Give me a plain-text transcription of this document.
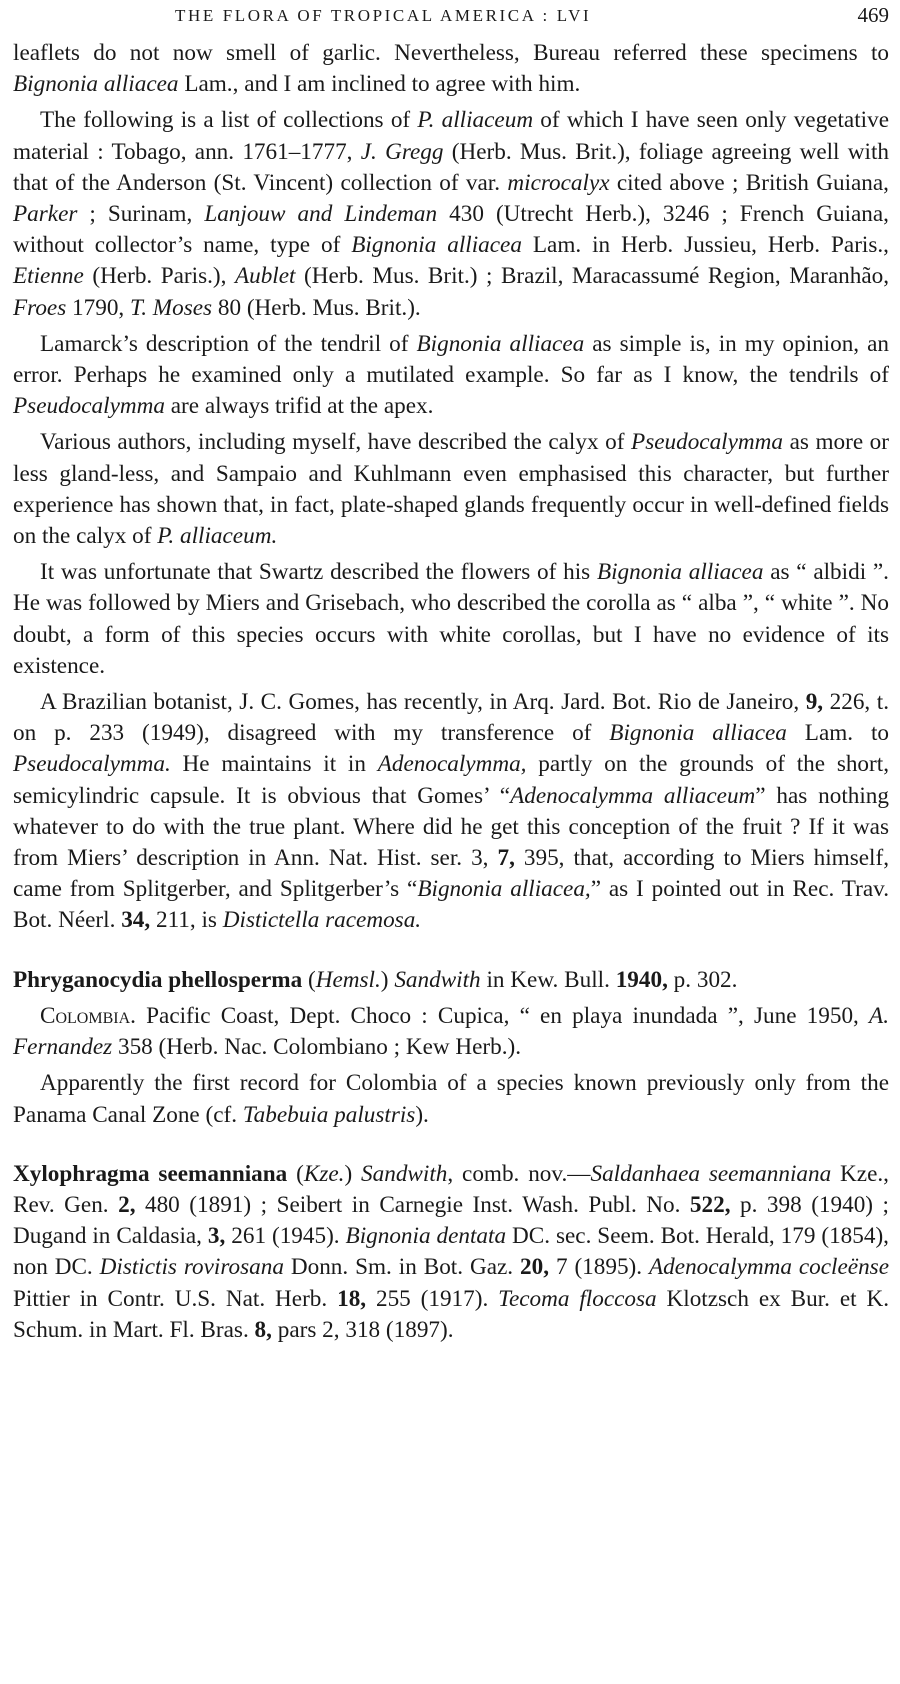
THE FLORA OF TROPICAL AMERICA : LVI	469

leaflets do not now smell of garlic. Nevertheless, Bureau referred these specimens to Bignonia alliacea Lam., and I am inclined to agree with him.

The following is a list of collections of P. alliaceum of which I have seen only vegetative material : Tobago, ann. 1761–1777, J. Gregg (Herb. Mus. Brit.), foliage agreeing well with that of the Anderson (St. Vincent) collection of var. microcalyx cited above ; British Guiana, Parker ; Surinam, Lanjouw and Lindeman 430 (Utrecht Herb.), 3246 ; French Guiana, without collector’s name, type of Bignonia alliacea Lam. in Herb. Jussieu, Herb. Paris., Etienne (Herb. Paris.), Aublet (Herb. Mus. Brit.) ; Brazil, Maracassumé Region, Maranhão, Froes 1790, T. Moses 80 (Herb. Mus. Brit.).

Lamarck’s description of the tendril of Bignonia alliacea as simple is, in my opinion, an error. Perhaps he examined only a mutilated example. So far as I know, the tendrils of Pseudocalymma are always trifid at the apex.

Various authors, including myself, have described the calyx of Pseudocalymma as more or less gland-less, and Sampaio and Kuhlmann even emphasised this character, but further experience has shown that, in fact, plate-shaped glands frequently occur in well-defined fields on the calyx of P. alliaceum.

It was unfortunate that Swartz described the flowers of his Bignonia alliacea as “ albidi ”. He was followed by Miers and Grisebach, who described the corolla as “ alba ”, “ white ”. No doubt, a form of this species occurs with white corollas, but I have no evidence of its existence.

A Brazilian botanist, J. C. Gomes, has recently, in Arq. Jard. Bot. Rio de Janeiro, 9, 226, t. on p. 233 (1949), disagreed with my transference of Bignonia alliacea Lam. to Pseudocalymma. He maintains it in Adenocalymma, partly on the grounds of the short, semicylindric capsule. It is obvious that Gomes’ “Adenocalymma alliaceum” has nothing whatever to do with the true plant. Where did he get this conception of the fruit ? If it was from Miers’ description in Ann. Nat. Hist. ser. 3, 7, 395, that, according to Miers himself, came from Splitgerber, and Splitgerber’s “Bignonia alliacea,” as I pointed out in Rec. Trav. Bot. Néerl. 34, 211, is Distictella racemosa.

Phryganocydia phellosperma (Hemsl.) Sandwith in Kew. Bull. 1940, p. 302.

Colombia. Pacific Coast, Dept. Choco : Cupica, “ en playa inundada ”, June 1950, A. Fernandez 358 (Herb. Nac. Colombiano ; Kew Herb.).

Apparently the first record for Colombia of a species known previously only from the Panama Canal Zone (cf. Tabebuia palustris).

Xylophragma seemanniana (Kze.) Sandwith, comb. nov.—Saldanhaea seemanniana Kze., Rev. Gen. 2, 480 (1891) ; Seibert in Carnegie Inst. Wash. Publ. No. 522, p. 398 (1940) ; Dugand in Caldasia, 3, 261 (1945). Bignonia dentata DC. sec. Seem. Bot. Herald, 179 (1854), non DC. Distictis rovirosana Donn. Sm. in Bot. Gaz. 20, 7 (1895). Adenocalymma cocleënse Pittier in Contr. U.S. Nat. Herb. 18, 255 (1917). Tecoma floccosa Klotzsch ex Bur. et K. Schum. in Mart. Fl. Bras. 8, pars 2, 318 (1897).
